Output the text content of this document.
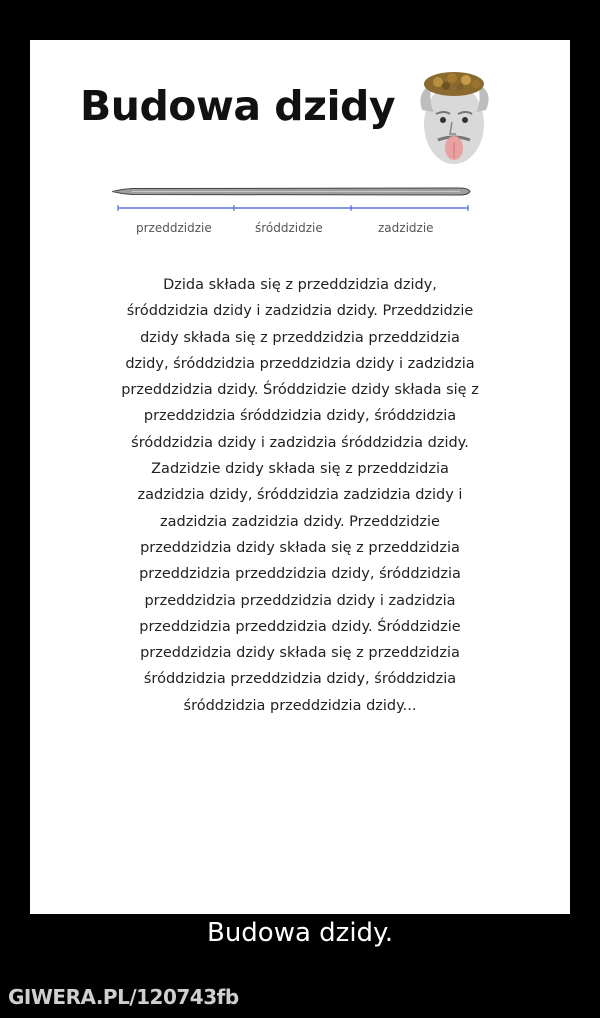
Budowa dzidy
przeddzidzie	śróddzidzie	zadzidzie

Dzida składa się z przeddzidzia dzidy, śróddzidzia dzidy i zadzidzia dzidy. Przeddzidzie dzidy składa się z przeddzidzia przeddzidzia dzidy, śróddzidzia przeddzidzia dzidy i zadzidzia przeddzidzia dzidy. Śróddzidzie dzidy składa się z przeddzidzia śróddzidzia dzidy, śróddzidzia śróddzidzia dzidy i zadzidzia śróddzidzia dzidy. Zadzidzie dzidy składa się z przeddzidzia zadzidzia dzidy, śróddzidzia zadzidzia dzidy i zadzidzia zadzidzia dzidy. Przeddzidzie przeddzidzia dzidy składa się z przeddzidzia przeddzidzia przeddzidzia dzidy, śróddzidzia przeddzidzia przeddzidzia dzidy i zadzidzia przeddzidzia przeddzidzia dzidy. Śróddzidzie przeddzidzia dzidy składa się z przeddzidzia śróddzidzia przeddzidzia dzidy, śróddzidzia śróddzidzia przeddzidzia dzidy...

Budowa dzidy.

GIWERA.PL/120743fb
